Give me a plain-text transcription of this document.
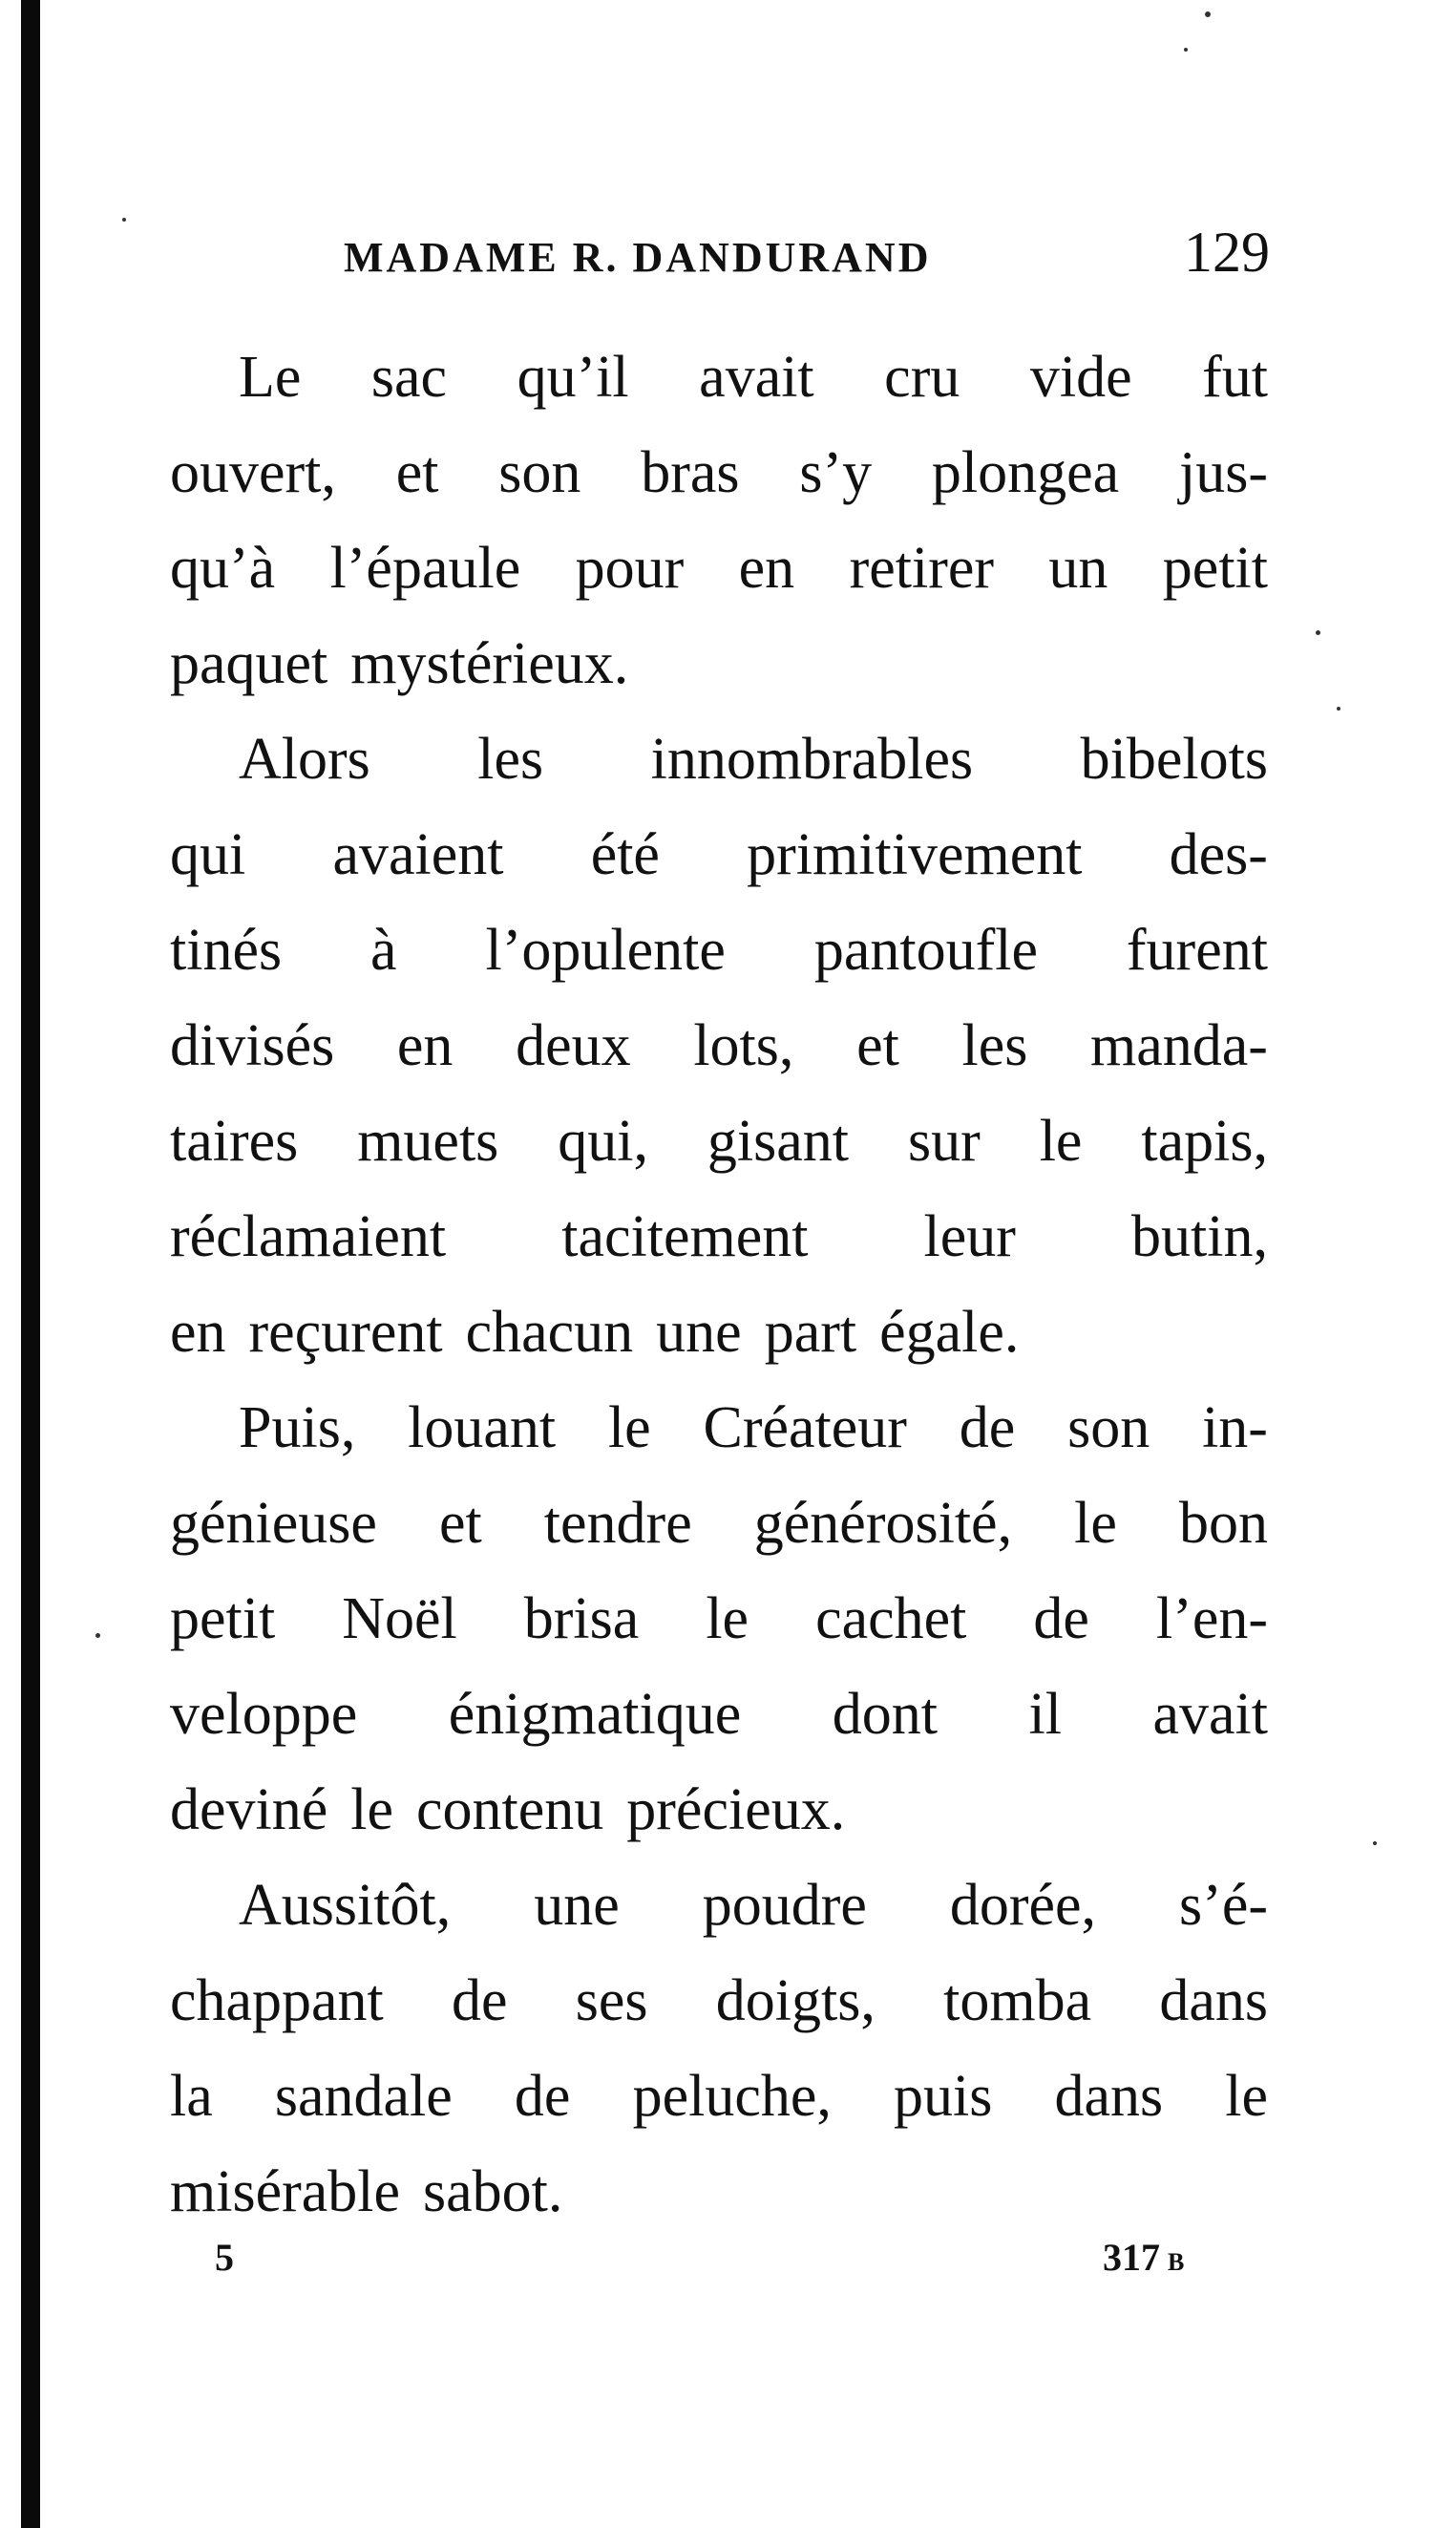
MADAME R. DANDURAND	129
Le sac qu’il avait cru vide fut
ouvert, et son bras s’y plongea jus-
qu’à l’épaule pour en retirer un petit
paquet mystérieux.
Alors les innombrables bibelots
qui avaient été primitivement des-
tinés à l’opulente pantoufle furent
divisés en deux lots, et les manda-
taires muets qui, gisant sur le tapis,
réclamaient tacitement leur butin,
en reçurent chacun une part égale.
Puis, louant le Créateur de son in-
génieuse et tendre générosité, le bon
petit Noël brisa le cachet de l’en-
veloppe énigmatique dont il avait
deviné le contenu précieux.
Aussitôt, une poudre dorée, s’é-
chappant de ses doigts, tomba dans
la sandale de peluche, puis dans le
misérable sabot.
5	317 B
